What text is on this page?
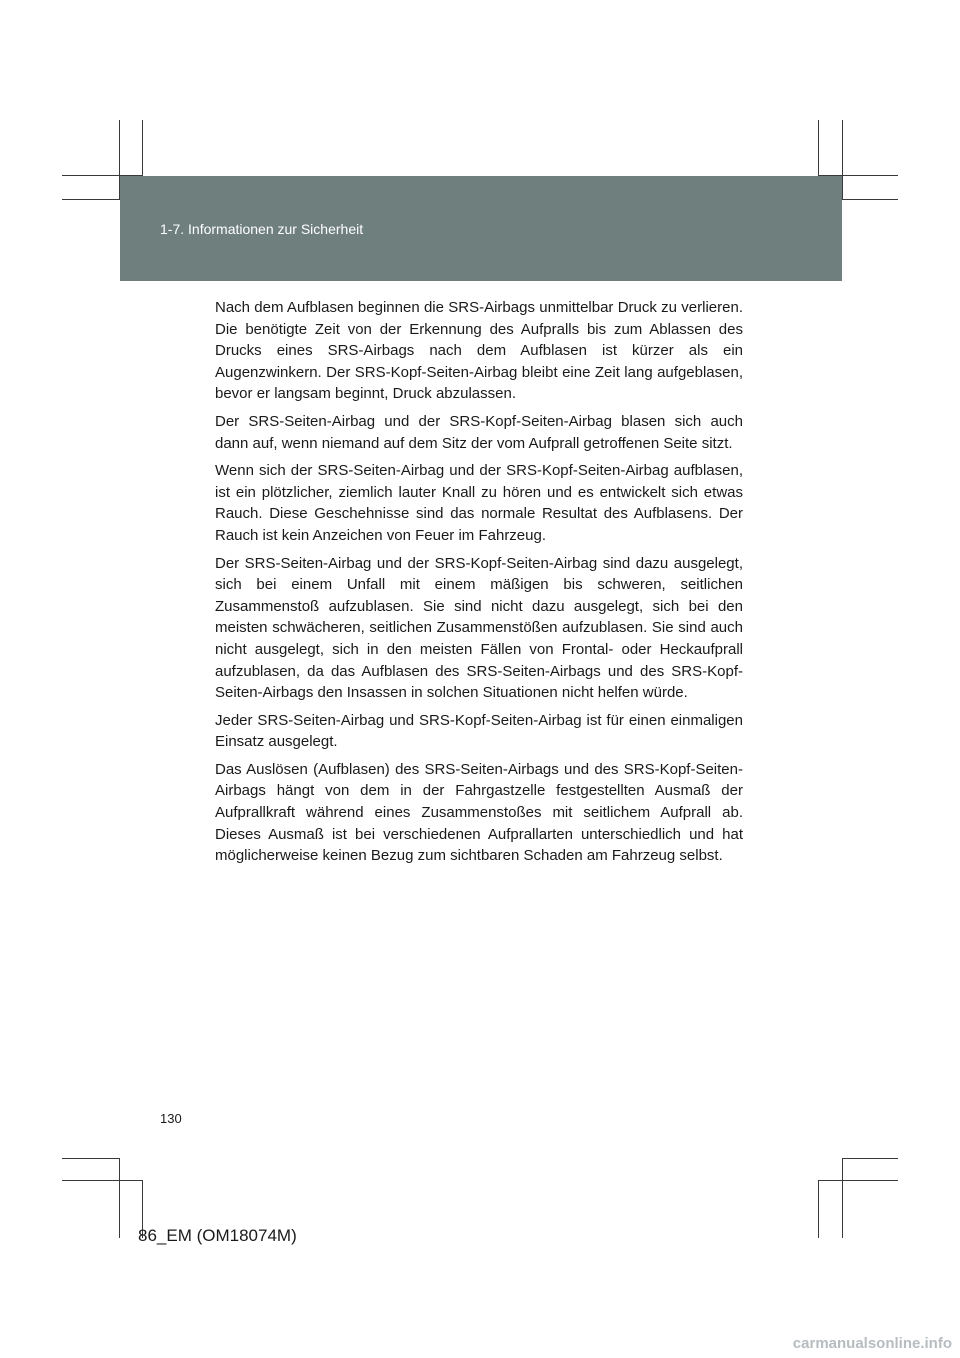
1-7. Informationen zur Sicherheit

Nach dem Aufblasen beginnen die SRS-Airbags unmittelbar Druck zu verlieren. Die benötigte Zeit von der Erkennung des Aufpralls bis zum Ablassen des Drucks eines SRS-Airbags nach dem Aufblasen ist kürzer als ein Augenzwinkern. Der SRS-Kopf-Seiten-Airbag bleibt eine Zeit lang aufgeblasen, bevor er langsam beginnt, Druck abzulassen.

Der SRS-Seiten-Airbag und der SRS-Kopf-Seiten-Airbag blasen sich auch dann auf, wenn niemand auf dem Sitz der vom Aufprall getroffenen Seite sitzt.

Wenn sich der SRS-Seiten-Airbag und der SRS-Kopf-Seiten-Airbag aufblasen, ist ein plötzlicher, ziemlich lauter Knall zu hören und es entwickelt sich etwas Rauch. Diese Geschehnisse sind das normale Resultat des Aufblasens. Der Rauch ist kein Anzeichen von Feuer im Fahrzeug.

Der SRS-Seiten-Airbag und der SRS-Kopf-Seiten-Airbag sind dazu ausgelegt, sich bei einem Unfall mit einem mäßigen bis schweren, seitlichen Zusammenstoß aufzublasen. Sie sind nicht dazu ausgelegt, sich bei den meisten schwächeren, seitlichen Zusammenstößen aufzublasen. Sie sind auch nicht ausgelegt, sich in den meisten Fällen von Frontal- oder Heckaufprall aufzublasen, da das Aufblasen des SRS-Seiten-Airbags und des SRS-Kopf-Seiten-Airbags den Insassen in solchen Situationen nicht helfen würde.

Jeder SRS-Seiten-Airbag und SRS-Kopf-Seiten-Airbag ist für einen einmaligen Einsatz ausgelegt.

Das Auslösen (Aufblasen) des SRS-Seiten-Airbags und des SRS-Kopf-Seiten-Airbags hängt von dem in der Fahrgastzelle festgestellten Ausmaß der Aufprallkraft während eines Zusammenstoßes mit seitlichem Aufprall ab. Dieses Ausmaß ist bei verschiedenen Aufprallarten unterschiedlich und hat möglicherweise keinen Bezug zum sichtbaren Schaden am Fahrzeug selbst.

130
86_EM (OM18074M)
carmanualsonline.info
